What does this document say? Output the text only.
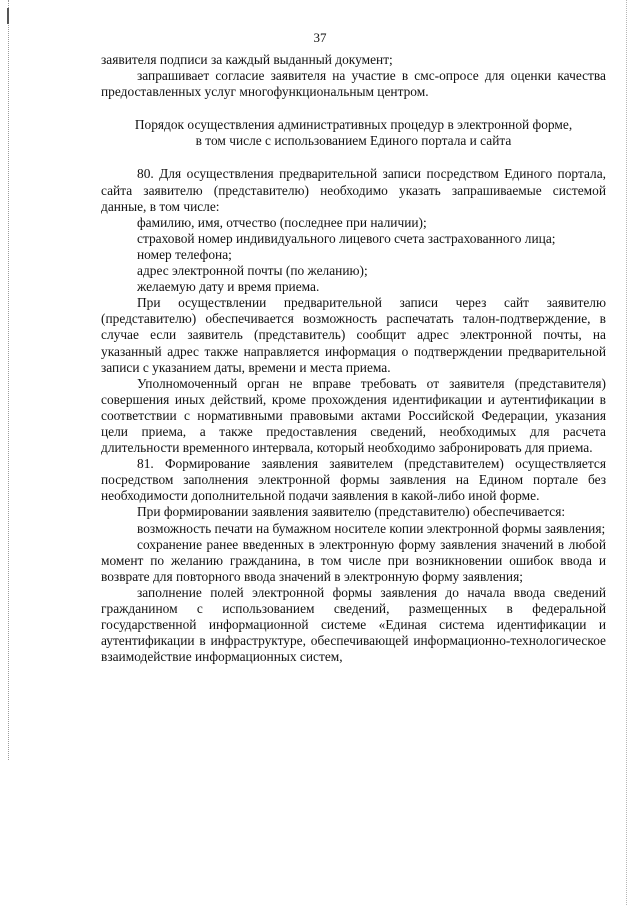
37

заявителя подписи за каждый выданный документ;

запрашивает согласие заявителя на участие в смс-опросе для оценки качества предоставленных услуг многофункциональным центром.

Порядок осуществления административных процедур в электронной форме,
в том числе с использованием Единого портала и сайта

80. Для осуществления предварительной записи посредством Единого портала, сайта заявителю (представителю) необходимо указать запрашиваемые системой данные, в том числе:

фамилию, имя, отчество (последнее при наличии);

страховой номер индивидуального лицевого счета застрахованного лица;

номер телефона;

адрес электронной почты (по желанию);

желаемую дату и время приема.

При осуществлении предварительной записи через сайт заявителю (представителю) обеспечивается возможность распечатать талон-подтверждение, в случае если заявитель (представитель) сообщит адрес электронной почты, на указанный адрес также направляется информация о подтверждении предварительной записи с указанием даты, времени и места приема.

Уполномоченный орган не вправе требовать от заявителя (представителя) совершения иных действий, кроме прохождения идентификации и аутентификации в соответствии с нормативными правовыми актами Российской Федерации, указания цели приема, а также предоставления сведений, необходимых для расчета длительности временного интервала, который необходимо забронировать для приема.

81. Формирование заявления заявителем (представителем) осуществляется посредством заполнения электронной формы заявления на Едином портале без необходимости дополнительной подачи заявления в какой-либо иной форме.

При формировании заявления заявителю (представителю) обеспечивается:

возможность печати на бумажном носителе копии электронной формы заявления;

сохранение ранее введенных в электронную форму заявления значений в любой момент по желанию гражданина, в том числе при возникновении ошибок ввода и возврате для повторного ввода значений в электронную форму заявления;

заполнение полей электронной формы заявления до начала ввода сведений гражданином с использованием сведений, размещенных в федеральной государственной информационной системе «Единая система идентификации и аутентификации в инфраструктуре, обеспечивающей информационно-технологическое взаимодействие информационных систем,
